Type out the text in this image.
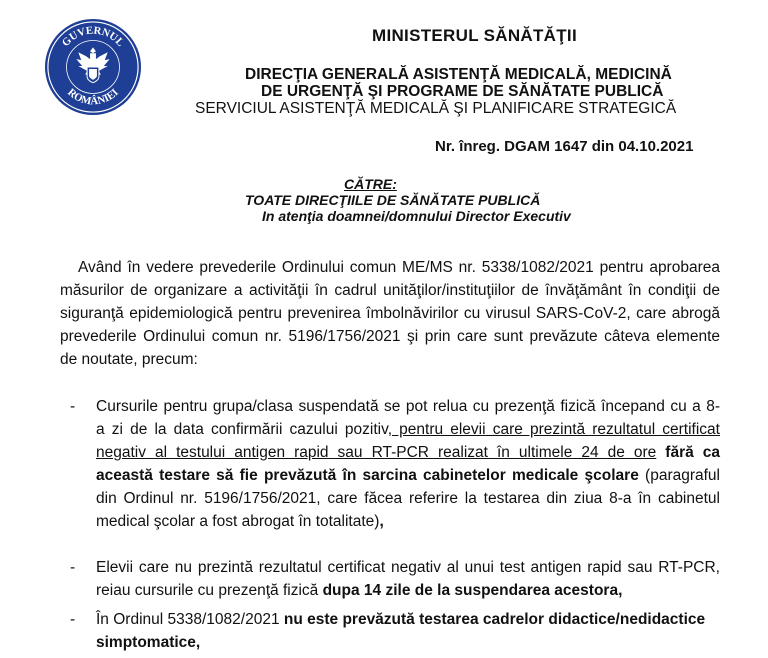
GUVERNUL
ROMÂNIEI
MINISTERUL SĂNĂTĂŢII
DIRECŢIA GENERALĂ ASISTENŢĂ MEDICALĂ, MEDICINĂ
DE URGENŢĂ ŞI PROGRAME DE SĂNĂTATE PUBLICĂ
SERVICIUL ASISTENŢĂ MEDICALĂ ŞI PLANIFICARE STRATEGICĂ
Nr. înreg. DGAM 1647 din 04.10.2021
CĂTRE:
TOATE DIRECŢIILE DE SĂNĂTATE PUBLICĂ
In atenţia doamnei/domnului Director Executiv
Având în vedere prevederile Ordinului comun ME/MS nr. 5338/1082/2021 pentru aprobarea
măsurilor de organizare a activităţii în cadrul unităţilor/instituţiilor de învăţământ în condiţii de
siguranţă epidemiologică pentru prevenirea îmbolnăvirilor cu virusul SARS-CoV-2, care abrogă
prevederile Ordinului comun nr. 5196/1756/2021 şi prin care sunt prevăzute câteva elemente
de noutate, precum:
- Cursurile pentru grupa/clasa suspendată se pot relua cu prezenţă fizică începand cu a 8-
a zi de la data confirmării cazului pozitiv, pentru elevii care prezintă rezultatul certificat
negativ al testului antigen rapid sau RT-PCR realizat în ultimele 24 de ore fără ca
această testare să fie prevăzută în sarcina cabinetelor medicale şcolare (paragraful
din Ordinul nr. 5196/1756/2021, care făcea referire la testarea din ziua 8-a în cabinetul
medical şcolar a fost abrogat în totalitate),
- Elevii care nu prezintă rezultatul certificat negativ al unui test antigen rapid sau RT-PCR,
reiau cursurile cu prezenţă fizică dupa 14 zile de la suspendarea acestora,
- În Ordinul 5338/1082/2021 nu este prevăzută testarea cadrelor didactice/nedidactice
simptomatice,
